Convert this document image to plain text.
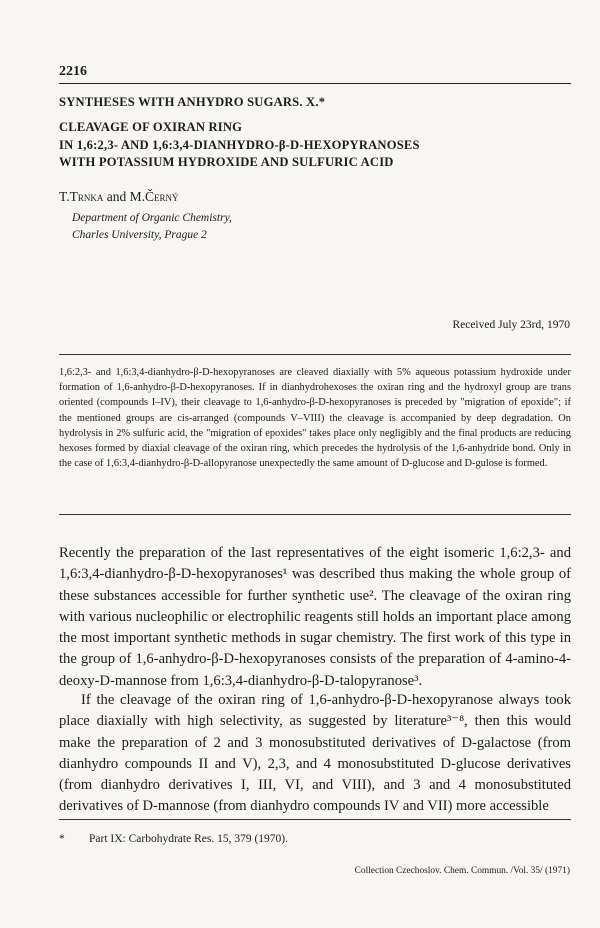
2216
SYNTHESES WITH ANHYDRO SUGARS. X.*
CLEAVAGE OF OXIRAN RING
IN 1,6:2,3- AND 1,6:3,4-DIANHYDRO-β-D-HEXOPYRANOSES
WITH POTASSIUM HYDROXIDE AND SULFURIC ACID
T.Trnka and M.Černý
Department of Organic Chemistry,
Charles University, Prague 2
Received July 23rd, 1970
1,6:2,3- and 1,6:3,4-dianhydro-β-D-hexopyranoses are cleaved diaxially with 5% aqueous potassium hydroxide under formation of 1,6-anhydro-β-D-hexopyranoses. If in dianhydrohexoses the oxiran ring and the hydroxyl group are trans oriented (compounds I–IV), their cleavage to 1,6-anhydro-β-D-hexopyranoses is preceded by "migration of epoxide"; if the mentioned groups are cis-arranged (compounds V–VIII) the cleavage is accompanied by deep degradation. On hydrolysis in 2% sulfuric acid, the "migration of epoxides" takes place only negligibly and the final products are reducing hexoses formed by diaxial cleavage of the oxiran ring, which precedes the hydrolysis of the 1,6-anhydride bond. Only in the case of 1,6:3,4-dianhydro-β-D-allopyranose unexpectedly the same amount of D-glucose and D-gulose is formed.
Recently the preparation of the last representatives of the eight isomeric 1,6:2,3- and 1,6:3,4-dianhydro-β-D-hexopyranoses¹ was described thus making the whole group of these substances accessible for further synthetic use². The cleavage of the oxiran ring with various nucleophilic or electrophilic reagents still holds an important place among the most important synthetic methods in sugar chemistry. The first work of this type in the group of 1,6-anhydro-β-D-hexopyranoses consists of the preparation of 4-amino-4-deoxy-D-mannose from 1,6:3,4-dianhydro-β-D-talopyranose³.
If the cleavage of the oxiran ring of 1,6-anhydro-β-D-hexopyranose always took place diaxially with high selectivity, as suggested by literature³⁻⁸, then this would make the preparation of 2 and 3 monosubstituted derivatives of D-galactose (from dianhydro compounds II and V), 2,3, and 4 monosubstituted D-glucose derivatives (from dianhydro derivatives I, III, VI, and VIII), and 3 and 4 monosubstituted derivatives of D-mannose (from dianhydro compounds IV and VII) more accessible
* Part IX: Carbohydrate Res. 15, 379 (1970).
Collection Czechoslov. Chem. Commun. /Vol. 35/ (1971)
